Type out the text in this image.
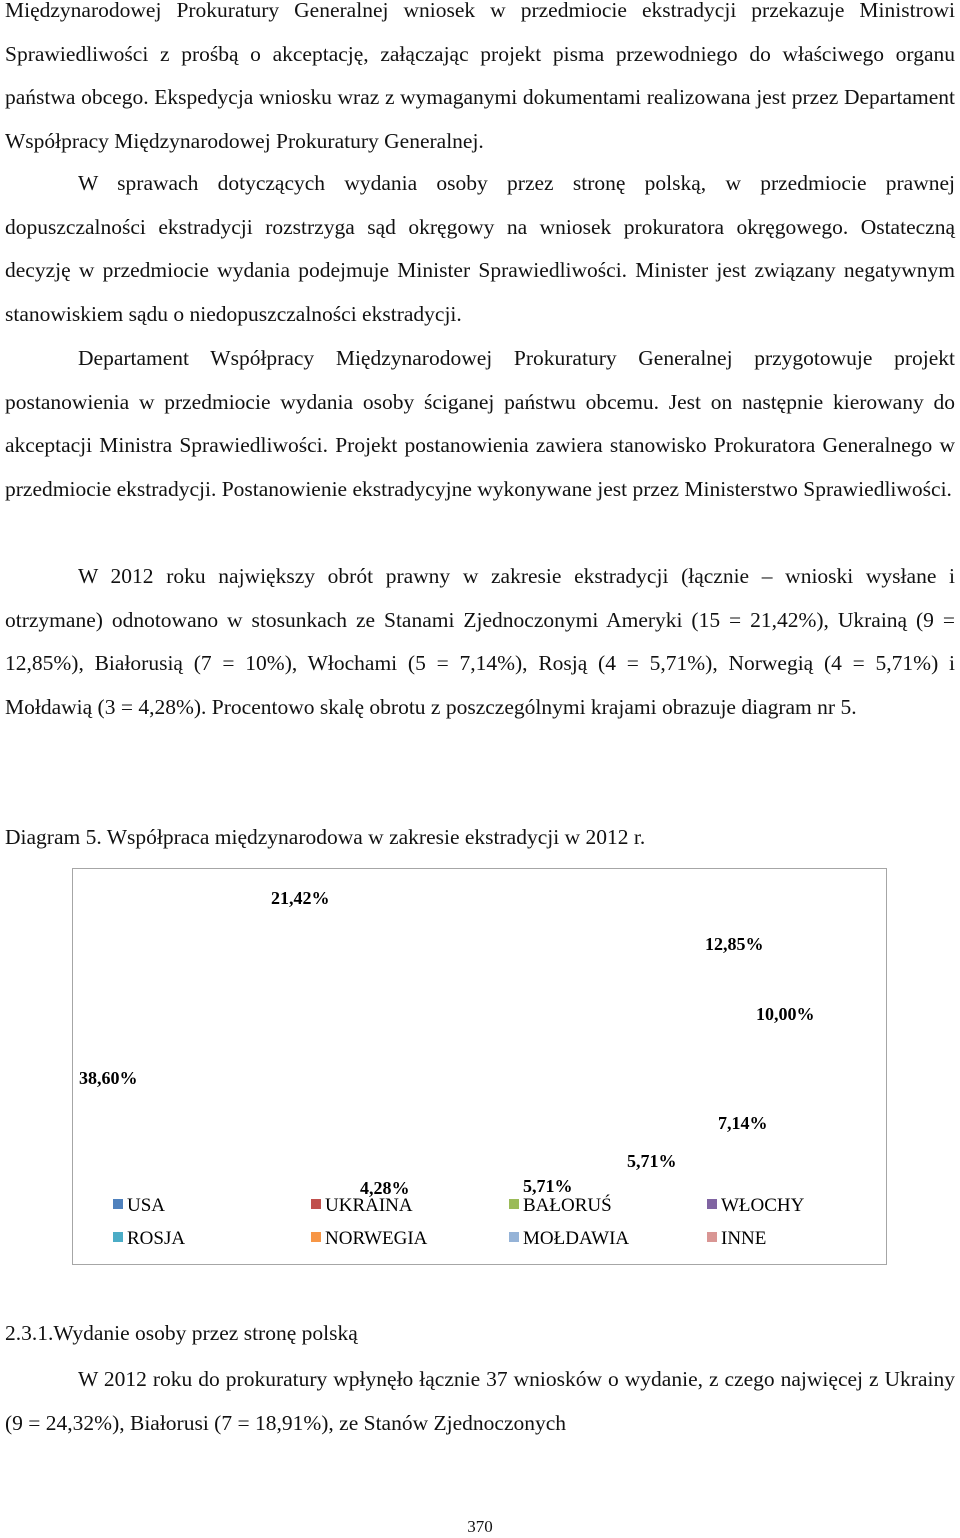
Międzynarodowej Prokuratury Generalnej wniosek w przedmiocie ekstradycji przekazuje Ministrowi Sprawiedliwości z prośbą o akceptację, załączając projekt pisma przewodniego do właściwego organu państwa obcego. Ekspedycja wniosku wraz z wymaganymi dokumentami realizowana jest przez Departament Współpracy Międzynarodowej Prokuratury Generalnej.

W sprawach dotyczących wydania osoby przez stronę polską, w przedmiocie prawnej dopuszczalności ekstradycji rozstrzyga sąd okręgowy na wniosek prokuratora okręgowego. Ostateczną decyzję w przedmiocie wydania podejmuje Minister Sprawiedliwości. Minister jest związany negatywnym stanowiskiem sądu o niedopuszczalności ekstradycji.

Departament Współpracy Międzynarodowej Prokuratury Generalnej przygotowuje projekt postanowienia w przedmiocie wydania osoby ściganej państwu obcemu. Jest on następnie kierowany do akceptacji Ministra Sprawiedliwości. Projekt postanowienia zawiera stanowisko Prokuratora Generalnego w przedmiocie ekstradycji. Postanowienie ekstradycyjne wykonywane jest przez Ministerstwo Sprawiedliwości.

W 2012 roku największy obrót prawny w zakresie ekstradycji (łącznie – wnioski wysłane i otrzymane) odnotowano w stosunkach ze Stanami Zjednoczonymi Ameryki (15 = 21,42%), Ukrainą (9 = 12,85%), Białorusią (7 = 10%), Włochami (5 = 7,14%), Rosją (4 = 5,71%), Norwegią (4 = 5,71%) i Mołdawią (3 = 4,28%). Procentowo skalę obrotu z poszczególnymi krajami obrazuje diagram nr 5.

Diagram 5. Współpraca międzynarodowa w zakresie ekstradycji w 2012 r.

21,42%
USA
12,85%
UKRAINA
10,00%
BAŁORUŚ
7,14%
WŁOCHY
5,71%
ROSJA
5,71%
NORWEGIA
4,28%
MOŁDAWIA
38,60%
INNE

2.3.1.Wydanie osoby przez stronę polską

W 2012 roku do prokuratury wpłynęło łącznie 37 wniosków o wydanie, z czego najwięcej z Ukrainy (9 = 24,32%), Białorusi (7 = 18,91%), ze Stanów Zjednoczonych

370
